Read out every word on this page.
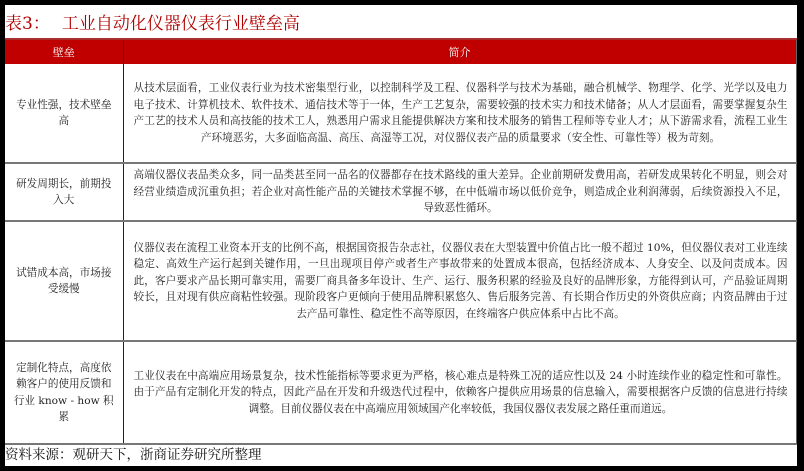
表3： 工业自动化仪器仪表行业壁垒高
壁垒	简介
专业性强，技术壁垒高	从技术层面看，工业仪表行业为技术密集型行业，以控制科学及工程、仪器科学与技术为基础，融合机械学、物理学、化学、光学以及电力电子技术、计算机技术、软件技术、通信技术等于一体，生产工艺复杂，需要较强的技术实力和技术储备；从人才层面看，需要掌握复杂生产工艺的技术人员和高技能的技术工人，熟悉用户需求且能提供解决方案和技术服务的销售工程师等专业人才；从下游需求看，流程工业生产环境恶劣，大多面临高温、高压、高湿等工况，对仪器仪表产品的质量要求（安全性、可靠性等）极为苛刻。

研发周期长，前期投入大	高端仪器仪表品类众多，同一品类甚至同一品名的仪器都存在技术路线的重大差异。企业前期研发费用高，若研发成果转化不明显，则会对经营业绩造成沉重负担；若企业对高性能产品的关键技术掌握不够，在中低端市场以低价竞争，则造成企业利润薄弱，后续资源投入不足，导致恶性循环。

试错成本高，市场接受缓慢	仪器仪表在流程工业资本开支的比例不高，根据国资报告杂志社，仪器仪表在大型装置中价值占比一般不超过 10%，但仪器仪表对工业连续稳定、高效生产运行起到关键作用，一旦出现项目停产或者生产事故带来的处置成本很高，包括经济成本、人身安全、以及问责成本。因此，客户要求产品长期可靠实用，需要厂商具备多年设计、生产、运行、服务积累的经验及良好的品牌形象，方能得到认可，产品验证周期较长，且对现有供应商粘性较强。现阶段客户更倾向于使用品牌积累悠久、售后服务完善、有长期合作历史的外资供应商；内资品牌由于过去产品可靠性、稳定性不高等原因，在终端客户供应体系中占比不高。

定制化特点，高度依赖客户的使用反馈和行业 know - how 积累	工业仪表在中高端应用场景复杂，技术性能指标等要求更为严格，核心难点是特殊工况的适应性以及 24 小时连续作业的稳定性和可靠性。由于产品有定制化开发的特点，因此产品在开发和升级迭代过程中，依赖客户提供应用场景的信息输入，需要根据客户反馈的信息进行持续调整。目前仪器仪表在中高端应用领域国产化率较低，我国仪器仪表发展之路任重而道远。
资料来源：观研天下，浙商证券研究所整理
